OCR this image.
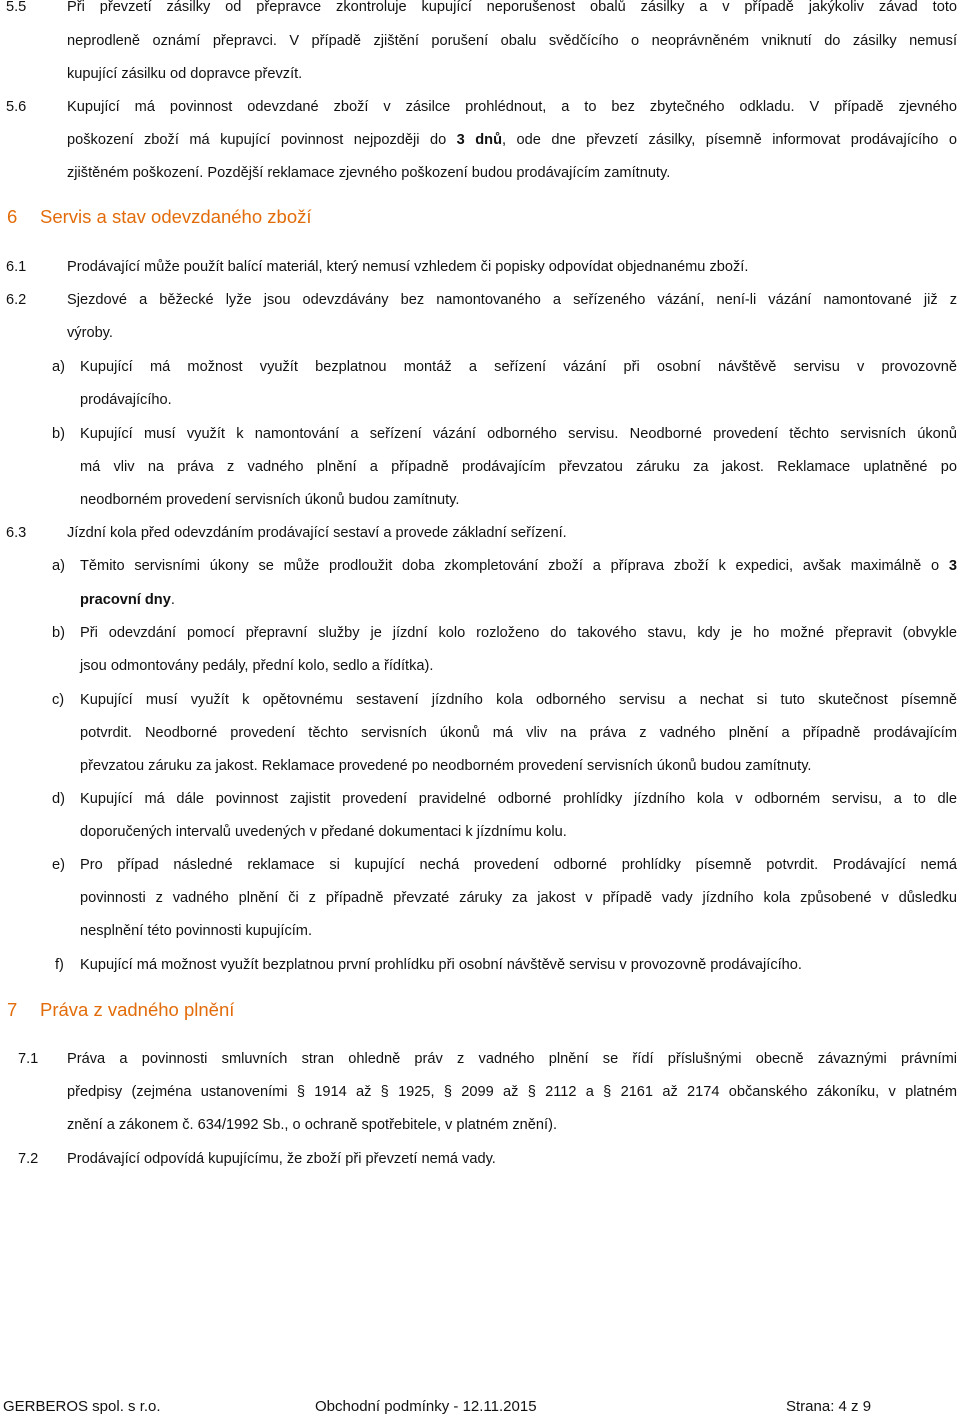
5.5	Při převzetí zásilky od přepravce zkontroluje kupující neporušenost obalů zásilky a v případě jakýkoliv závad toto
neprodleně oznámí přepravci. V případě zjištění porušení obalu svědčícího o neoprávněném vniknutí do zásilky nemusí
kupující zásilku od dopravce převzít.
5.6	Kupující má povinnost odevzdané zboží v zásilce prohlédnout, a to bez zbytečného odkladu. V případě zjevného
poškození zboží má kupující povinnost nejpozději do 3 dnů, ode dne převzetí zásilky, písemně informovat prodávajícího o
zjištěném poškození. Pozdější reklamace zjevného poškození budou prodávajícím zamítnuty.
6 Servis a stav odevzdaného zboží
6.1	Prodávající může použít balící materiál, který nemusí vzhledem či popisky odpovídat objednanému zboží.
6.2	Sjezdové a běžecké lyže jsou odevzdávány bez namontovaného a seřízeného vázání, není-li vázání namontované již z
výroby.
a) Kupující má možnost využít bezplatnou montáž a seřízení vázání při osobní návštěvě servisu v provozovně
prodávajícího.
b) Kupující musí využít k namontování a seřízení vázání odborného servisu. Neodborné provedení těchto servisních úkonů
má vliv na práva z vadného plnění a případně prodávajícím převzatou záruku za jakost. Reklamace uplatněné po
neodborném provedení servisních úkonů budou zamítnuty.
6.3	Jízdní kola před odevzdáním prodávající sestaví a provede základní seřízení.
a) Těmito servisními úkony se může prodloužit doba zkompletování zboží a příprava zboží k expedici, avšak maximálně o 3
pracovní dny.
b) Při odevzdání pomocí přepravní služby je jízdní kolo rozloženo do takového stavu, kdy je ho možné přepravit (obvykle
jsou odmontovány pedály, přední kolo, sedlo a řídítka).
c) Kupující musí využít k opětovnému sestavení jízdního kola odborného servisu a nechat si tuto skutečnost písemně
potvrdit. Neodborné provedení těchto servisních úkonů má vliv na práva z vadného plnění a případně prodávajícím
převzatou záruku za jakost. Reklamace provedené po neodborném provedení servisních úkonů budou zamítnuty.
d) Kupující má dále povinnost zajistit provedení pravidelné odborné prohlídky jízdního kola v odborném servisu, a to dle
doporučených intervalů uvedených v předané dokumentaci k jízdnímu kolu.
e) Pro případ následné reklamace si kupující nechá provedení odborné prohlídky písemně potvrdit. Prodávající nemá
povinnosti z vadného plnění či z případně převzaté záruky za jakost v případě vady jízdního kola způsobené v důsledku
nesplnění této povinnosti kupujícím.
f) Kupující má možnost využít bezplatnou první prohlídku při osobní návštěvě servisu v provozovně prodávajícího.
7 Práva z vadného plnění
7.1 Práva a povinnosti smluvních stran ohledně práv z vadného plnění se řídí příslušnými obecně závaznými právními
předpisy (zejména ustanoveními § 1914 až § 1925, § 2099 až § 2112 a § 2161 až 2174 občanského zákoníku, v platném
znění a zákonem č. 634/1992 Sb., o ochraně spotřebitele, v platném znění).
7.2 Prodávající odpovídá kupujícímu, že zboží při převzetí nemá vady.
GERBEROS spol. s r.o.	Obchodní podmínky - 12.11.2015	Strana: 4 z 9
